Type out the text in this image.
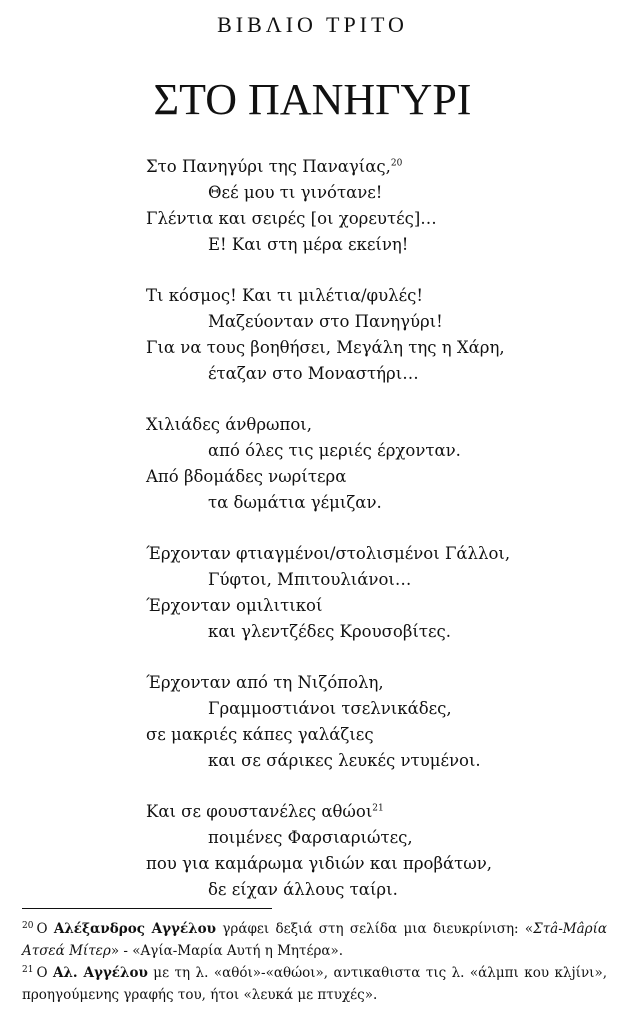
ΒΙΒΛΙΟ ΤΡΙΤΟ
ΣΤΟ ΠΑΝΗΓΥΡΙ
Στο Πανηγύρι της Παναγίας,$^{20}$
Θεέ μου τι γινότανε!
Γλέντια και σειρές [οι χορευτές]…
Ε! Και στη μέρα εκείνη!
Τι κόσμος! Και τι μιλέτια/φυλές!
Μαζεύονταν στο Πανηγύρι!
Για να τους βοηθήσει, Μεγάλη της η Χάρη,
έταζαν στο Μοναστήρι…
Χιλιάδες άνθρωποι,
από όλες τις μεριές έρχονταν.
Από βδομάδες νωρίτερα
τα δωμάτια γέμιζαν.
Έρχονταν φτιαγμένοι/στολισμένοι Γάλλοι,
Γύφτοι, Μπιτουλιάνοι…
Έρχονταν ομιλιτικοί
και γλεντζέδες Κρουσοβίτες.
Έρχονταν από τη Νιζόπολη,
Γραμμοστιάνοι τσελνικάδες,
σε μακριές κάπες γαλάζιες
και σε σάρικες λευκές ντυμένοι.
Και σε φουστανέλες αθώοι$^{21}$
ποιμένες Φαρσιαριώτες,
που για καμάρωμα γιδιών και προβάτων,
δε είχαν άλλους ταίρι.

$^{20}$ Ο Αλέξανδρος Αγγέλου γράφει δεξιά στη σελίδα μια διευκρίνιση: «Στâ-Mâρία Ατσεά Μίτερ» - «Αγία-Μαρία Αυτή η Μητέρα».

$^{21}$ Ο Αλ. Αγγέλου με τη λ. «αθόι»-«αθώοι», αντικαθιστα τις λ. «άλμπι κου κλjίνι», προηγούμενης γραφής του, ήτοι «λευκά με πτυχές».
